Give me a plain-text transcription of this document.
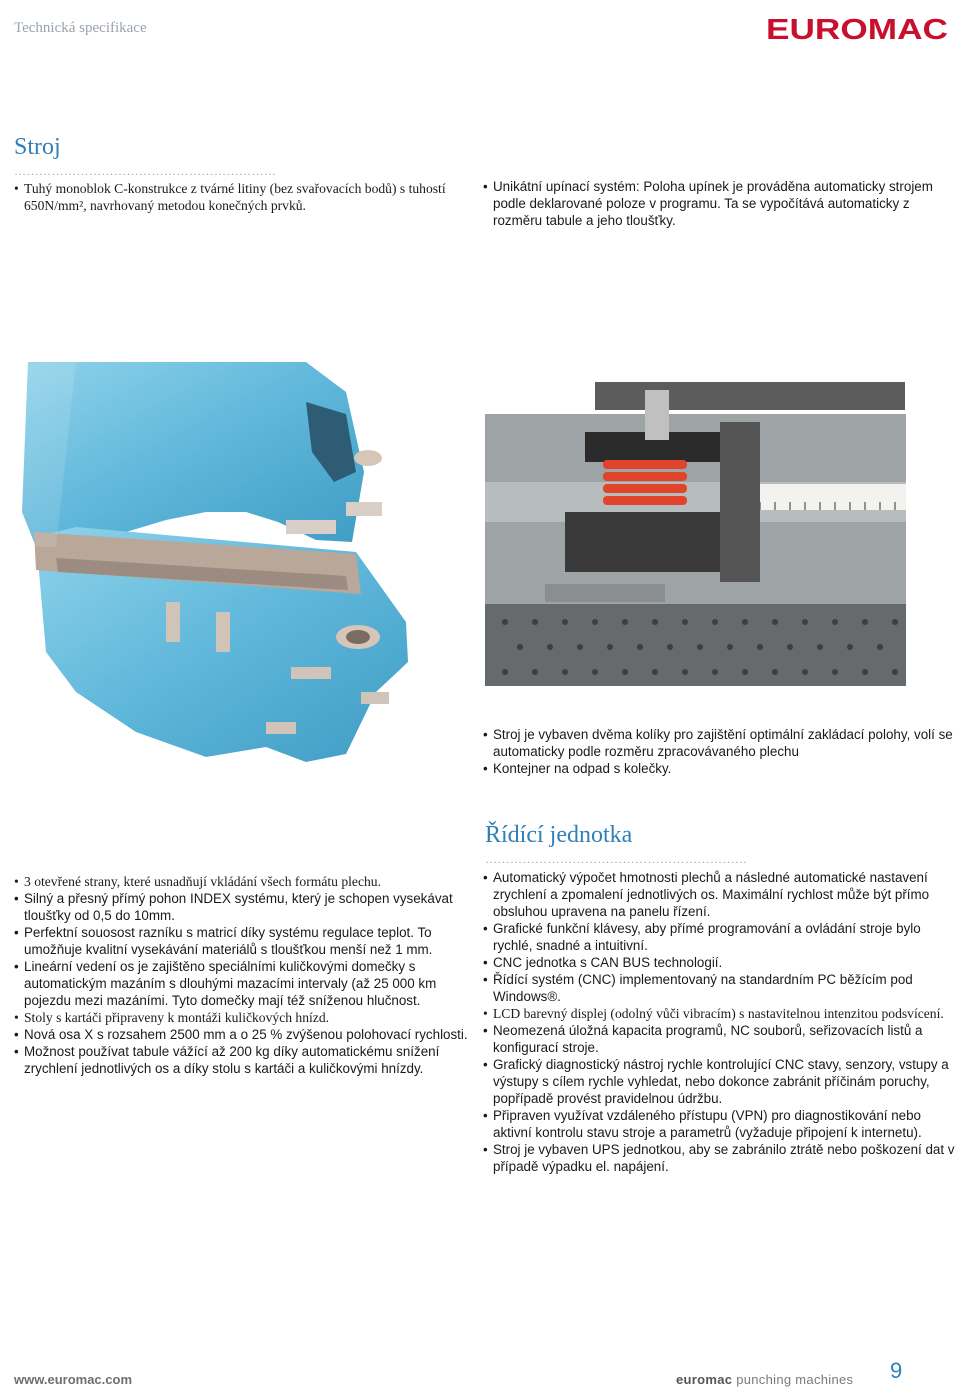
Technická specifikace	EUROMAC
Stroj
………………………………………………………
• Tuhý monoblok C-konstrukce z tvárné litiny (bez svařovacích bodů) s tuhostí 650N/mm², navrhovaný metodou konečných prvků.
• Unikátní upínací systém: Poloha upínek je prováděna automaticky strojem podle deklarované poloze v programu. Ta se vypočítává automaticky z rozměru tabule a jeho tloušťky.
• Stroj je vybaven dvěma kolíky pro zajištění optimální zakládací polohy, volí se automaticky podle rozměru zpracovávaného plechu
• Kontejner na odpad s kolečky.
Řídící jednotka
………………………………………………………
• 3 otevřené strany, které usnadňují vkládání všech formátu plechu.
• Silný a přesný přímý pohon INDEX systému, který je schopen vysekávat tloušťky od 0,5 do 10mm.
• Perfektní souosost razníku s matricí díky systému regulace teplot. To umožňuje kvalitní vysekávání materiálů s tloušťkou menší než 1 mm.
• Lineární vedení os je zajištěno speciálními kuličkovými domečky s automatickým mazáním s dlouhými mazacími intervaly (až 25 000 km pojezdu mezi mazáními. Tyto domečky mají též sníženou hlučnost.
• Stoly s kartáči připraveny k montáži kuličkových hnízd.
• Nová osa X s rozsahem 2500 mm a o 25 % zvýšenou polohovací rychlosti.
• Možnost používat tabule vážící až 200 kg díky automatickému snížení zrychlení jednotlivých os a díky stolu s kartáči a kuličkovými hnízdy.
• Automatický výpočet hmotnosti plechů a následné automatické nastavení zrychlení a zpomalení jednotlivých os. Maximální rychlost může být přímo obsluhou upravena na panelu řízení.
• Grafické funkční klávesy, aby přímé programování a ovládání stroje bylo rychlé, snadné a intuitivní.
• CNC jednotka s CAN BUS technologií.
• Řídící systém (CNC) implementovaný na standardním PC běžícím pod Windows®.
• LCD barevný displej (odolný vůči vibracím) s nastavitelnou intenzitou podsvícení.
• Neomezená úložná kapacita programů, NC souborů, seřizovacích listů a konfigurací stroje.
• Grafický diagnostický nástroj rychle kontrolující CNC stavy, senzory, vstupy a výstupy s cílem rychle vyhledat, nebo dokonce zabránit příčinám poruchy, popřípadě provést pravidelnou údržbu.
• Připraven využívat vzdáleného přístupu (VPN) pro diagnostikování nebo aktivní kontrolu stavu stroje a parametrů (vyžaduje připojení k internetu).
• Stroj je vybaven UPS jednotkou, aby se zabránilo ztrátě nebo poškození dat v případě výpadku el. napájení.
www.euromac.com	euromac punching machines 9
